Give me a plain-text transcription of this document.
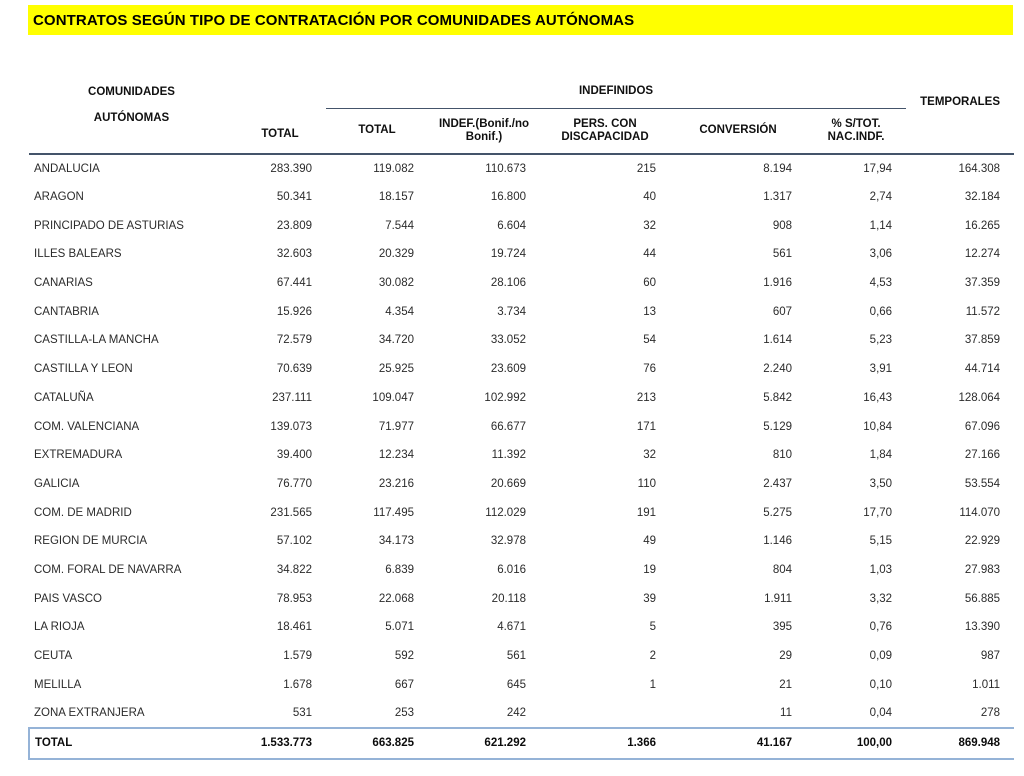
CONTRATOS SEGÚN TIPO DE CONTRATACIÓN POR COMUNIDADES AUTÓNOMAS
COMUNIDADES
AUTÓNOMAS	TOTAL	INDEFINIDOS					TEMPORALES
		TOTAL	INDEF.(Bonif./no Bonif.)	PERS. CON DISCAPACIDAD	CONVERSIÓN	% S/TOT. NAC.INDF.	
ANDALUCIA	283.390	119.082	110.673	215	8.194	17,94	164.308
ARAGON	50.341	18.157	16.800	40	1.317	2,74	32.184
PRINCIPADO DE ASTURIAS	23.809	7.544	6.604	32	908	1,14	16.265
ILLES BALEARS	32.603	20.329	19.724	44	561	3,06	12.274
CANARIAS	67.441	30.082	28.106	60	1.916	4,53	37.359
CANTABRIA	15.926	4.354	3.734	13	607	0,66	11.572
CASTILLA-LA MANCHA	72.579	34.720	33.052	54	1.614	5,23	37.859
CASTILLA Y LEON	70.639	25.925	23.609	76	2.240	3,91	44.714
CATALUÑA	237.111	109.047	102.992	213	5.842	16,43	128.064
COM. VALENCIANA	139.073	71.977	66.677	171	5.129	10,84	67.096
EXTREMADURA	39.400	12.234	11.392	32	810	1,84	27.166
GALICIA	76.770	23.216	20.669	110	2.437	3,50	53.554
COM. DE MADRID	231.565	117.495	112.029	191	5.275	17,70	114.070
REGION DE MURCIA	57.102	34.173	32.978	49	1.146	5,15	22.929
COM. FORAL DE NAVARRA	34.822	6.839	6.016	19	804	1,03	27.983
PAIS VASCO	78.953	22.068	20.118	39	1.911	3,32	56.885
LA RIOJA	18.461	5.071	4.671	5	395	0,76	13.390
CEUTA	1.579	592	561	2	29	0,09	987
MELILLA	1.678	667	645	1	21	0,10	1.011
ZONA EXTRANJERA	531	253	242		11	0,04	278
TOTAL	1.533.773	663.825	621.292	1.366	41.167	100,00	869.948
